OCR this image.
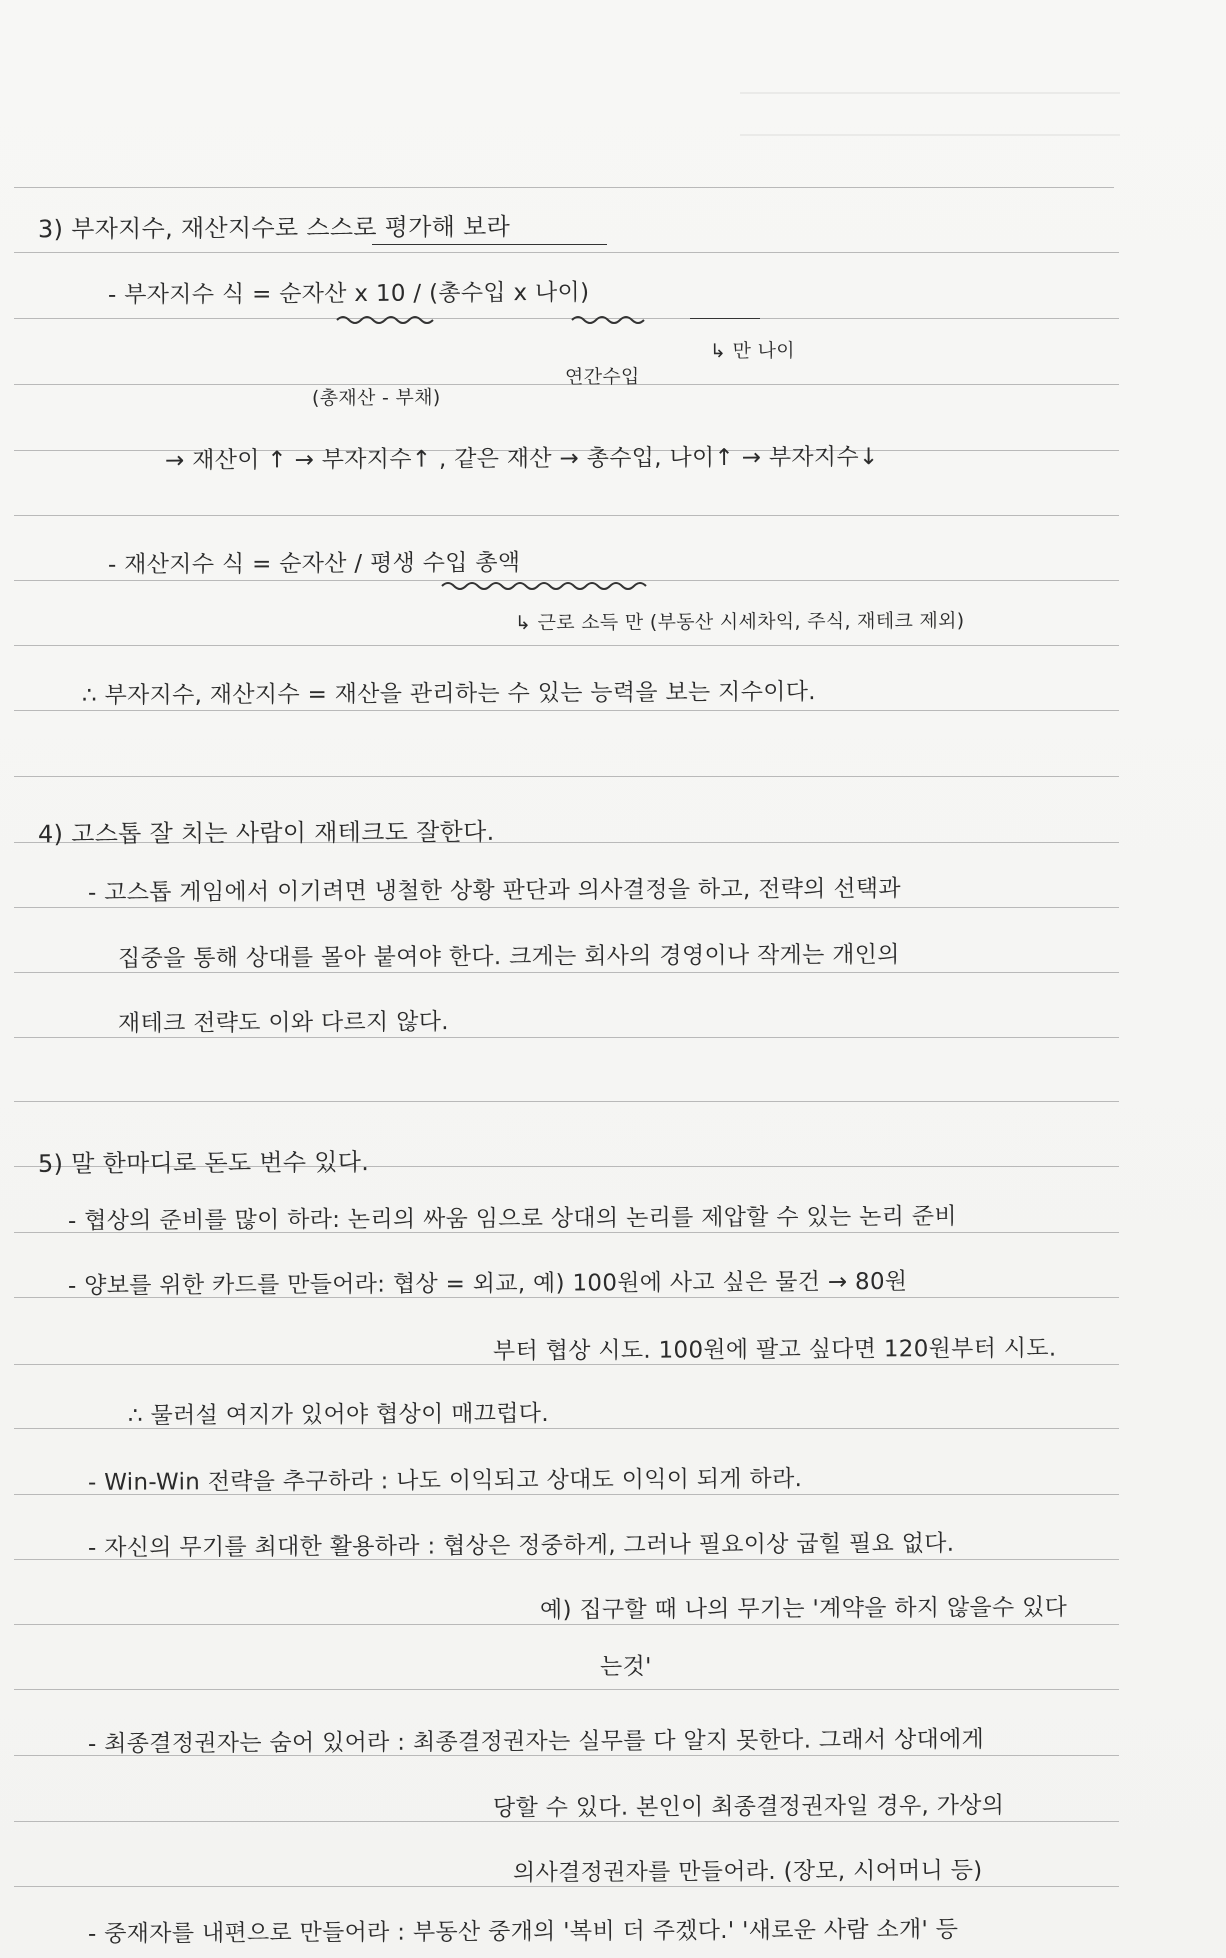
3) 부자지수, 재산지수로 스스로 평가해 보라
- 부자지수 식 = 순자산 x 10 / (총수입 x 나이)
↳ 만 나이
(총재산 - 부채)
연간수입
→ 재산이 ↑ → 부자지수↑ , 같은 재산 → 총수입, 나이↑ → 부자지수↓
- 재산지수 식 = 순자산 / 평생 수입 총액
↳ 근로 소득 만 (부동산 시세차익, 주식, 재테크 제외)
∴ 부자지수, 재산지수 = 재산을 관리하는 수 있는 능력을 보는 지수이다.
4) 고스톱 잘 치는 사람이 재테크도 잘한다.
- 고스톱 게임에서 이기려면 냉철한 상황 판단과 의사결정을 하고, 전략의 선택과
집중을 통해 상대를 몰아 붙여야 한다. 크게는 회사의 경영이나 작게는 개인의
재테크 전략도 이와 다르지 않다.
5) 말 한마디로 돈도 번수 있다.
- 협상의 준비를 많이 하라: 논리의 싸움 임으로 상대의 논리를 제압할 수 있는 논리 준비
- 양보를 위한 카드를 만들어라: 협상 = 외교, 예) 100원에 사고 싶은 물건 → 80원
부터 협상 시도. 100원에 팔고 싶다면 120원부터 시도.
∴ 물러설 여지가 있어야 협상이 매끄럽다.
- Win-Win 전략을 추구하라 : 나도 이익되고 상대도 이익이 되게 하라.
- 자신의 무기를 최대한 활용하라 : 협상은 정중하게, 그러나 필요이상 굽힐 필요 없다.
예) 집구할 때 나의 무기는 '계약을 하지 않을수 있다
는것'
- 최종결정권자는 숨어 있어라 : 최종결정권자는 실무를 다 알지 못한다. 그래서 상대에게
당할 수 있다. 본인이 최종결정권자일 경우, 가상의
의사결정권자를 만들어라. (장모, 시어머니 등)
- 중재자를 내편으로 만들어라 : 부동산 중개의 '복비 더 주겠다.' '새로운 사람 소개' 등
